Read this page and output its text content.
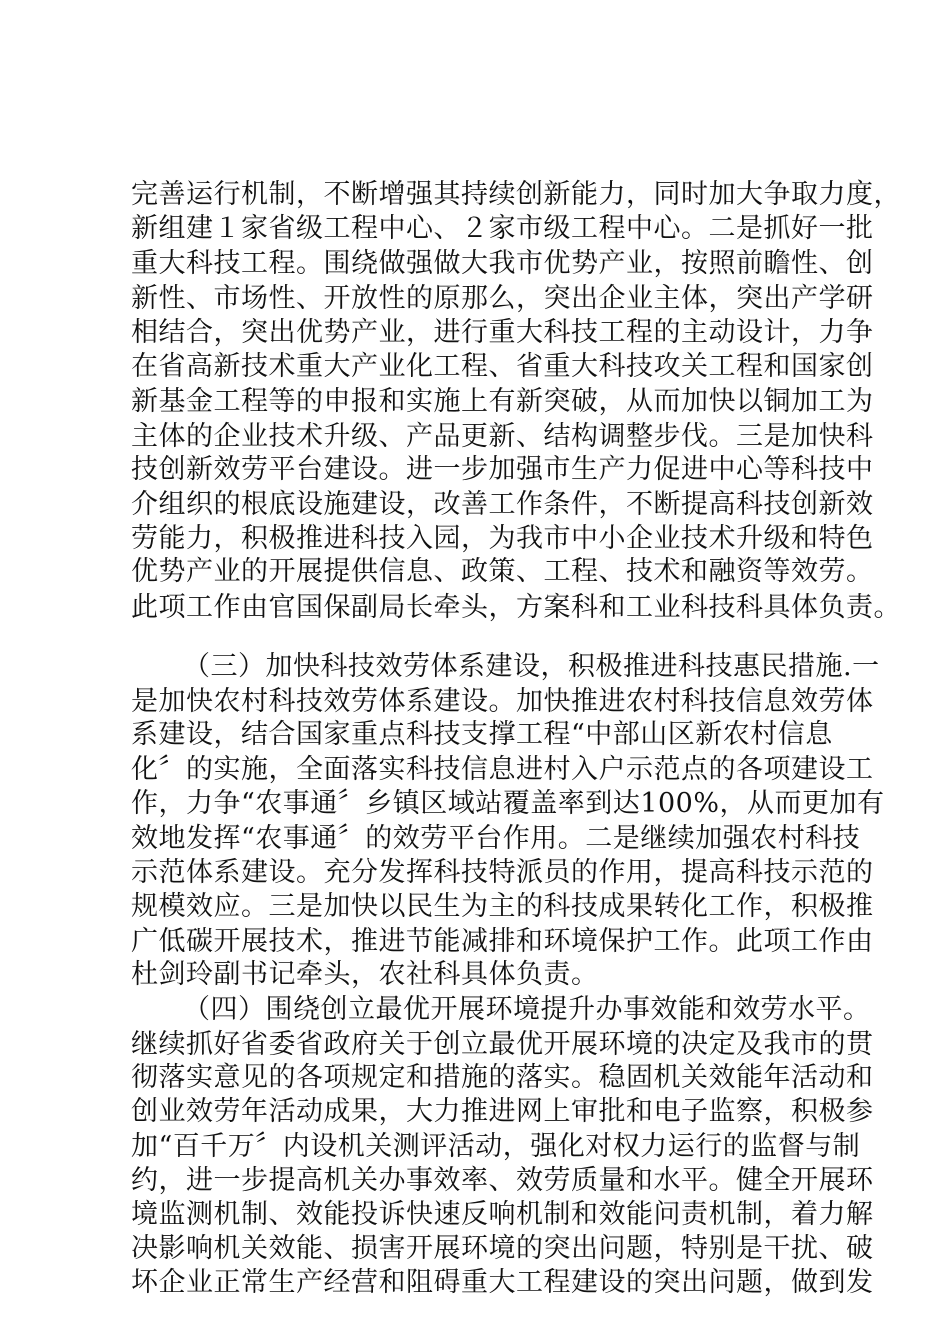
完善运行机制，不断增强其持续创新能力，同时加大争取力度，
新组建１家省级工程中心、２家市级工程中心。二是抓好一批
重大科技工程。围绕做强做大我市优势产业，按照前瞻性、创
新性、市场性、开放性的原那么，突出企业主体，突出产学研
相结合，突出优势产业，进行重大科技工程的主动设计，力争
在省高新技术重大产业化工程、省重大科技攻关工程和国家创
新基金工程等的申报和实施上有新突破，从而加快以铜加工为
主体的企业技术升级、产品更新、结构调整步伐。三是加快科
技创新效劳平台建设。进一步加强市生产力促进中心等科技中
介组织的根底设施建设，改善工作条件，不断提高科技创新效
劳能力，积极推进科技入园，为我市中小企业技术升级和特色
优势产业的开展提供信息、政策、工程、技术和融资等效劳。
此项工作由官国保副局长牵头，方案科和工业科技科具体负责。
（三）加快科技效劳体系建设，积极推进科技惠民措施.一
是加快农村科技效劳体系建设。加快推进农村科技信息效劳体
系建设，结合国家重点科技支撑工程“中部山区新农村信息
化〞的实施，全面落实科技信息进村入户示范点的各项建设工
作，力争“农事通〞乡镇区域站覆盖率到达100%，从而更加有
效地发挥“农事通〞的效劳平台作用。二是继续加强农村科技
示范体系建设。充分发挥科技特派员的作用，提高科技示范的
规模效应。三是加快以民生为主的科技成果转化工作，积极推
广低碳开展技术，推进节能减排和环境保护工作。此项工作由
杜剑玲副书记牵头，农社科具体负责。
（四）围绕创立最优开展环境提升办事效能和效劳水平。
继续抓好省委省政府关于创立最优开展环境的决定及我市的贯
彻落实意见的各项规定和措施的落实。稳固机关效能年活动和
创业效劳年活动成果，大力推进网上审批和电子监察，积极参
加“百千万〞内设机关测评活动，强化对权力运行的监督与制
约，进一步提高机关办事效率、效劳质量和水平。健全开展环
境监测机制、效能投诉快速反响机制和效能问责机制，着力解
决影响机关效能、损害开展环境的突出问题，特别是干扰、破
坏企业正常生产经营和阻碍重大工程建设的突出问题，做到发
